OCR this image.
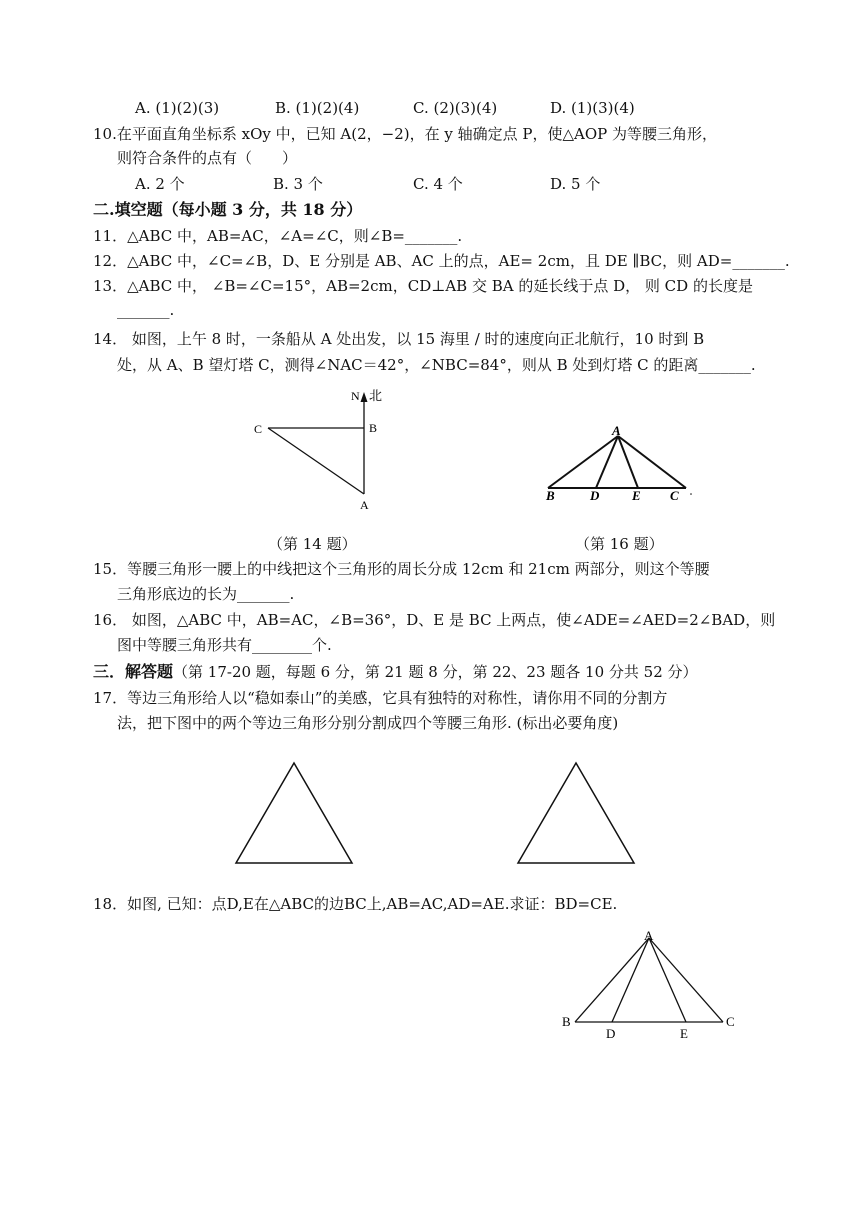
A. (1)(2)(3)	B. (1)(2)(4)	C. (2)(3)(4)	D. (1)(3)(4)
10.在平面直角坐标系 xOy 中，已知 A(2，−2)，在 y 轴确定点 P，使△AOP 为等腰三角形，
则符合条件的点有（　　）
A. 2 个	B. 3 个	C. 4 个	D. 5 个
二.填空题（每小题 3 分，共 18 分）
11．△ABC 中，AB=AC，∠A=∠C，则∠B=_______.
12．△ABC 中，∠C=∠B，D、E 分别是 AB、AC 上的点，AE= 2cm，且 DE ∥BC，则 AD=_______.
13．△ABC 中， ∠B=∠C=15°，AB=2cm，CD⊥AB 交 BA 的延长线于点 D， 则 CD 的长度是
_______.
14． 如图，上午 8 时，一条船从 A 处出发，以 15 海里 / 时的速度向正北航行，10 时到 B
处，从 A、B 望灯塔 C，测得∠NAC＝42°，∠NBC=84°，则从 B 处到灯塔 C 的距离_______.
N 北
B
C
A
（第 14 题）
A
B	D	E C
（第 16 题）
15．等腰三角形一腰上的中线把这个三角形的周长分成 12cm 和 21cm 两部分，则这个等腰
三角形底边的长为_______.
16． 如图，△ABC 中，AB=AC，∠B=36°，D、E 是 BC 上两点，使∠ADE=∠AED=2∠BAD，则
图中等腰三角形共有________个.
三．解答题（第 17-20 题，每题 6 分，第 21 题 8 分，第 22、23 题各 10 分共 52 分）
17．等边三角形给人以“稳如泰山”的美感，它具有独特的对称性，请你用不同的分割方
法，把下图中的两个等边三角形分别分割成四个等腰三角形. (标出必要角度)
18．如图, 已知：点D,E在△ABC的边BC上,AB=AC,AD=AE.求证：BD=CE.
A
B
D	E
C
